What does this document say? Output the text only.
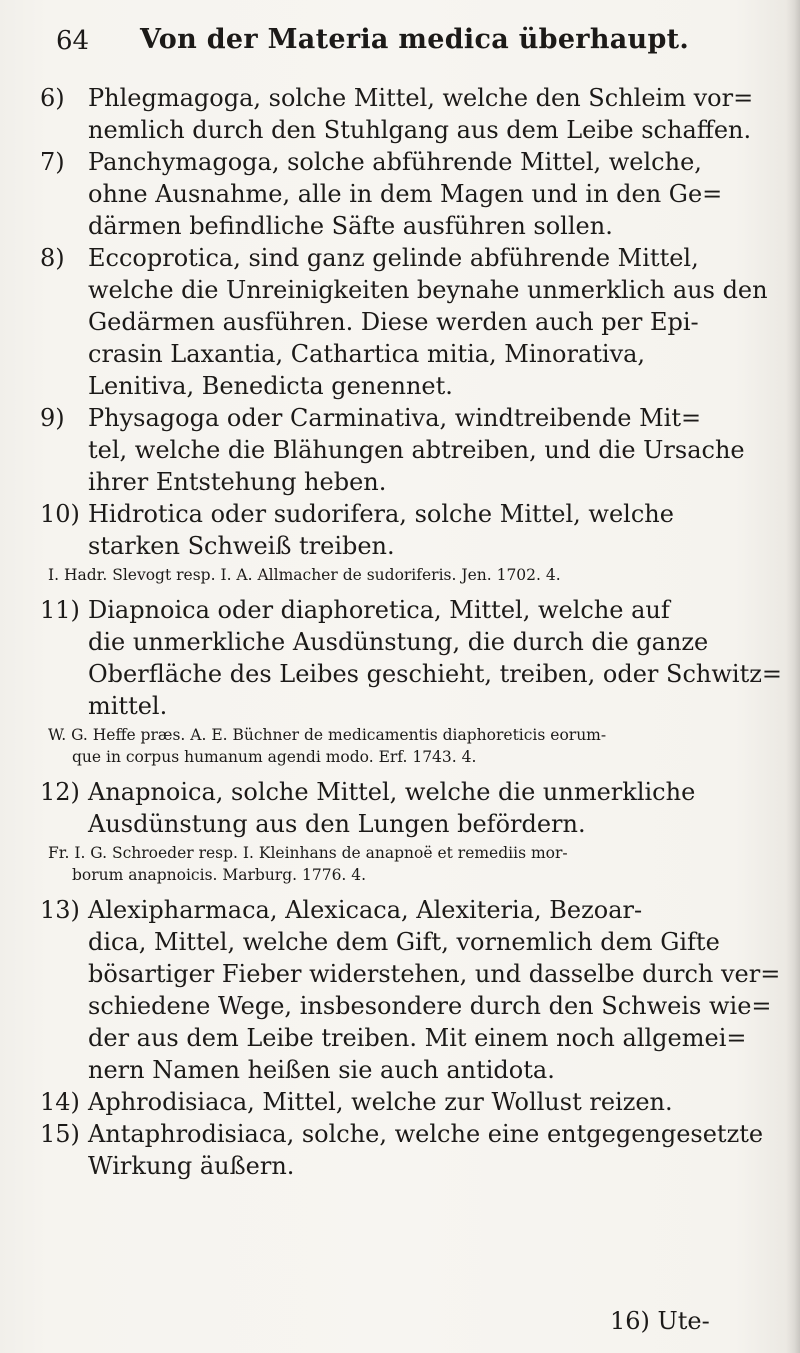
64 Von der Materia medica überhaupt.
6) Phlegmagoga, solche Mittel, welche den Schleim vor=
nemlich durch den Stuhlgang aus dem Leibe schaffen.
7) Panchymagoga, solche abführende Mittel, welche,
ohne Ausnahme, alle in dem Magen und in den Ge=
därmen befindliche Säfte ausführen sollen.
8) Eccoprotica, sind ganz gelinde abführende Mittel,
welche die Unreinigkeiten beynahe unmerklich aus den
Gedärmen ausführen. Diese werden auch per Epi-
crasin Laxantia, Cathartica mitia, Minorativa,
Lenitiva, Benedicta genennet.
9) Physagoga oder Carminativa, windtreibende Mit=
tel, welche die Blähungen abtreiben, und die Ursache
ihrer Entstehung heben.
10) Hidrotica oder sudorifera, solche Mittel, welche
starken Schweiß treiben.
I. Hadr. Slevogt resp. I. A. Allmacher de sudoriferis. Jen. 1702. 4.
11) Diapnoica oder diaphoretica, Mittel, welche auf
die unmerkliche Ausdünstung, die durch die ganze
Oberfläche des Leibes geschieht, treiben, oder Schwitz=
mittel.
W. G. Heffe præs. A. E. Büchner de medicamentis diaphoreticis eorum-
que in corpus humanum agendi modo. Erf. 1743. 4.
12) Anapnoica, solche Mittel, welche die unmerkliche
Ausdünstung aus den Lungen befördern.
Fr. I. G. Schroeder resp. I. Kleinhans de anapnoë et remediis mor-
borum anapnoicis. Marburg. 1776. 4.
13) Alexipharmaca, Alexicaca, Alexiteria, Bezoar-
dica, Mittel, welche dem Gift, vornemlich dem Gifte
bösartiger Fieber widerstehen, und dasselbe durch ver=
schiedene Wege, insbesondere durch den Schweis wie=
der aus dem Leibe treiben. Mit einem noch allgemei=
nern Namen heißen sie auch antidota.
14) Aphrodisiaca, Mittel, welche zur Wollust reizen.
15) Antaphrodisiaca, solche, welche eine entgegengesetzte
Wirkung äußern.
16) Ute-
